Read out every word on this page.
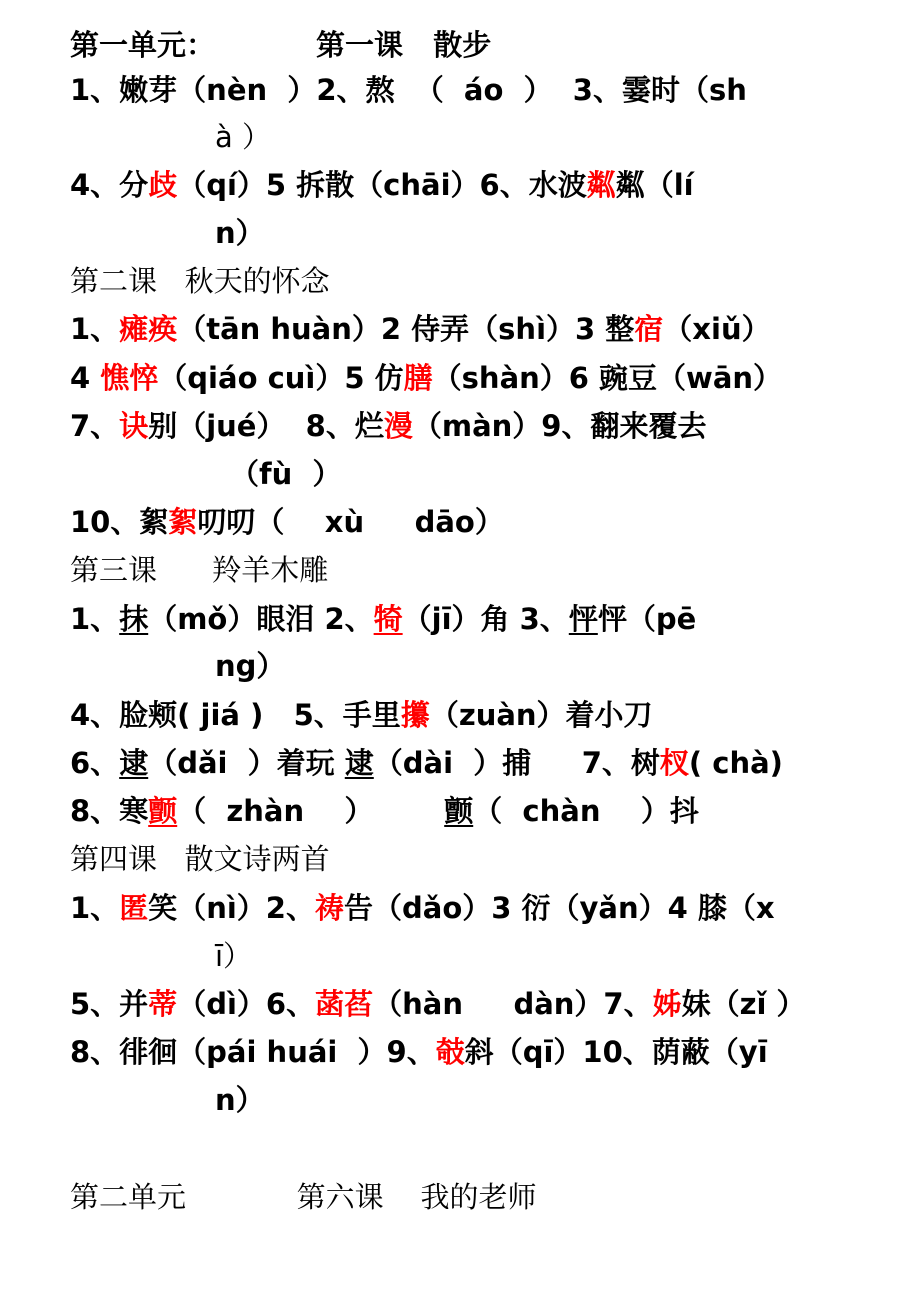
第一单元：          第一课   散步
1、嫩芽（nèn  ）2、熬  （  áo  ）  3、霎时（sh
à ）
4、分歧（qí）5 拆散（chāi）6、水波粼粼（lí
n）
第二课   秋天的怀念
1、瘫痪（tān huàn）2 侍弄（shì）3 整宿（xiǔ）
4 憔悴（qiáo cuì）5 仿膳（shàn）6 豌豆（wān）
7、诀别（jué）  8、烂漫（màn）9、翻来覆去
（fù  ）
10、絮絮叨叨（    xù     dāo）
第三课      羚羊木雕
1、抹（mǒ）眼泪 2、犄（jī）角 3、怦怦（pē
ng）
4、脸颊( jiá )   5、手里攥（zuàn）着小刀
6、逮（dǎi  ）着玩 逮（dài  ）捕     7、树杈( chà)
8、寒颤（  zhàn    ）       颤（  chàn    ）抖
第四课   散文诗两首
1、匿笑（nì）2、祷告（dǎo）3 衍（yǎn）4 膝（x
ī）
5、并蒂（dì）6、菡萏（hàn     dàn）7、姊妹（zǐ ）
8、徘徊（pái huái  ）9、攲斜（qī）10、荫蔽（yī
n）
第二单元            第六课    我的老师
